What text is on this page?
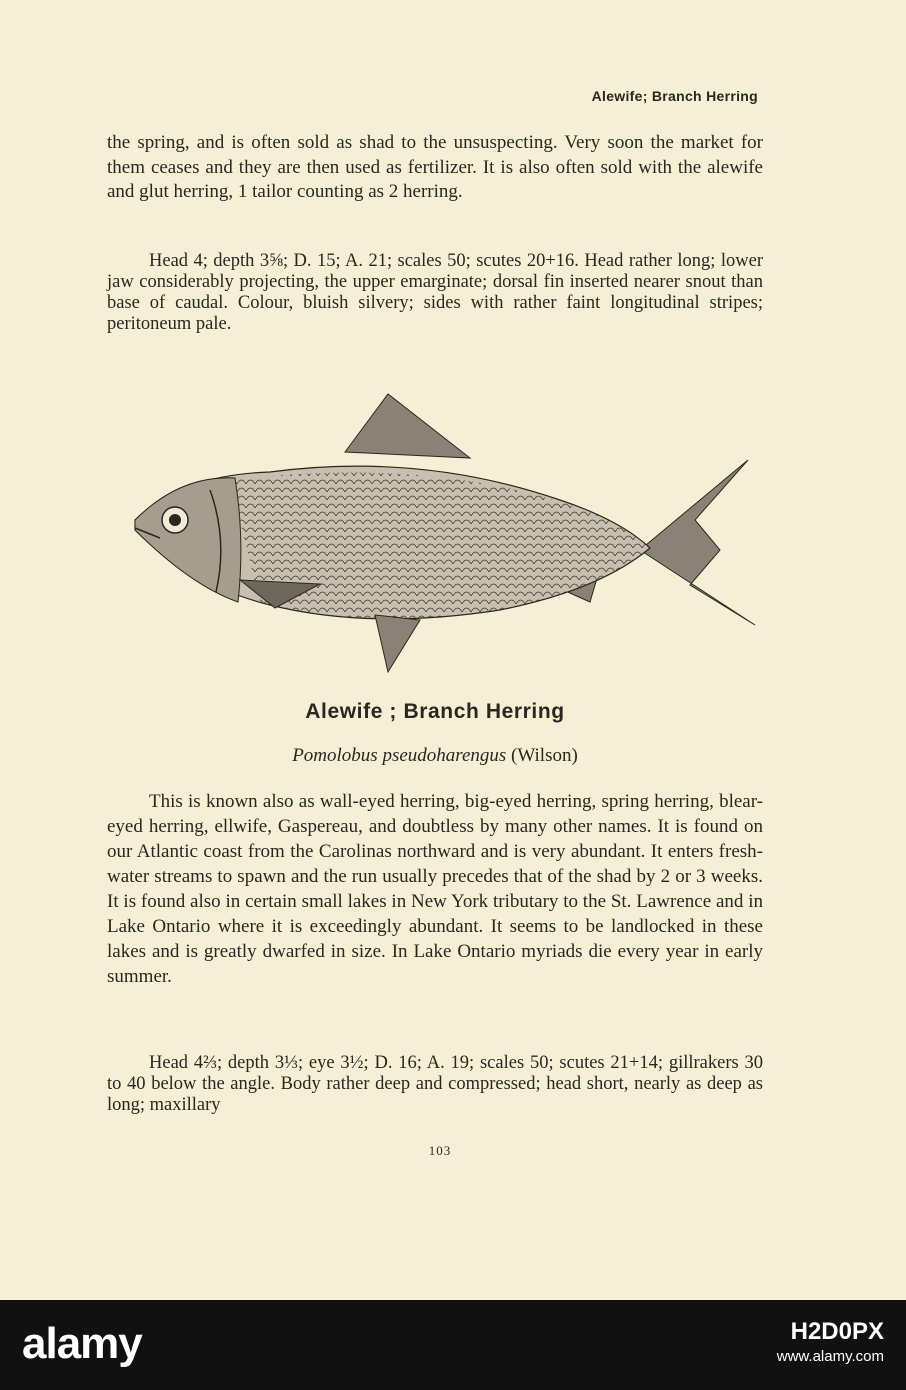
Alewife; Branch Herring

the spring, and is often sold as shad to the unsuspecting. Very soon the market for them ceases and they are then used as fertilizer. It is also often sold with the alewife and glut herring, 1 tailor counting as 2 herring.

Head 4; depth 3⅝; D. 15; A. 21; scales 50; scutes 20+16. Head rather long; lower jaw considerably projecting, the upper emarginate; dorsal fin inserted nearer snout than base of caudal. Colour, bluish silvery; sides with rather faint longitudinal stripes; peritoneum pale.

Alewife ; Branch Herring
Pomolobus pseudoharengus (Wilson)

This is known also as wall-eyed herring, big-eyed herring, spring herring, blear-eyed herring, ellwife, Gaspereau, and doubtless by many other names. It is found on our Atlantic coast from the Carolinas northward and is very abundant. It enters fresh-water streams to spawn and the run usually precedes that of the shad by 2 or 3 weeks. It is found also in certain small lakes in New York tributary to the St. Lawrence and in Lake Ontario where it is exceedingly abundant. It seems to be landlocked in these lakes and is greatly dwarfed in size. In Lake Ontario myriads die every year in early summer.

Head 4⅔; depth 3⅓; eye 3½; D. 16; A. 19; scales 50; scutes 21+14; gillrakers 30 to 40 below the angle. Body rather deep and compressed; head short, nearly as deep as long; maxillary

103
alamy	H2D0PX
www.alamy.com
